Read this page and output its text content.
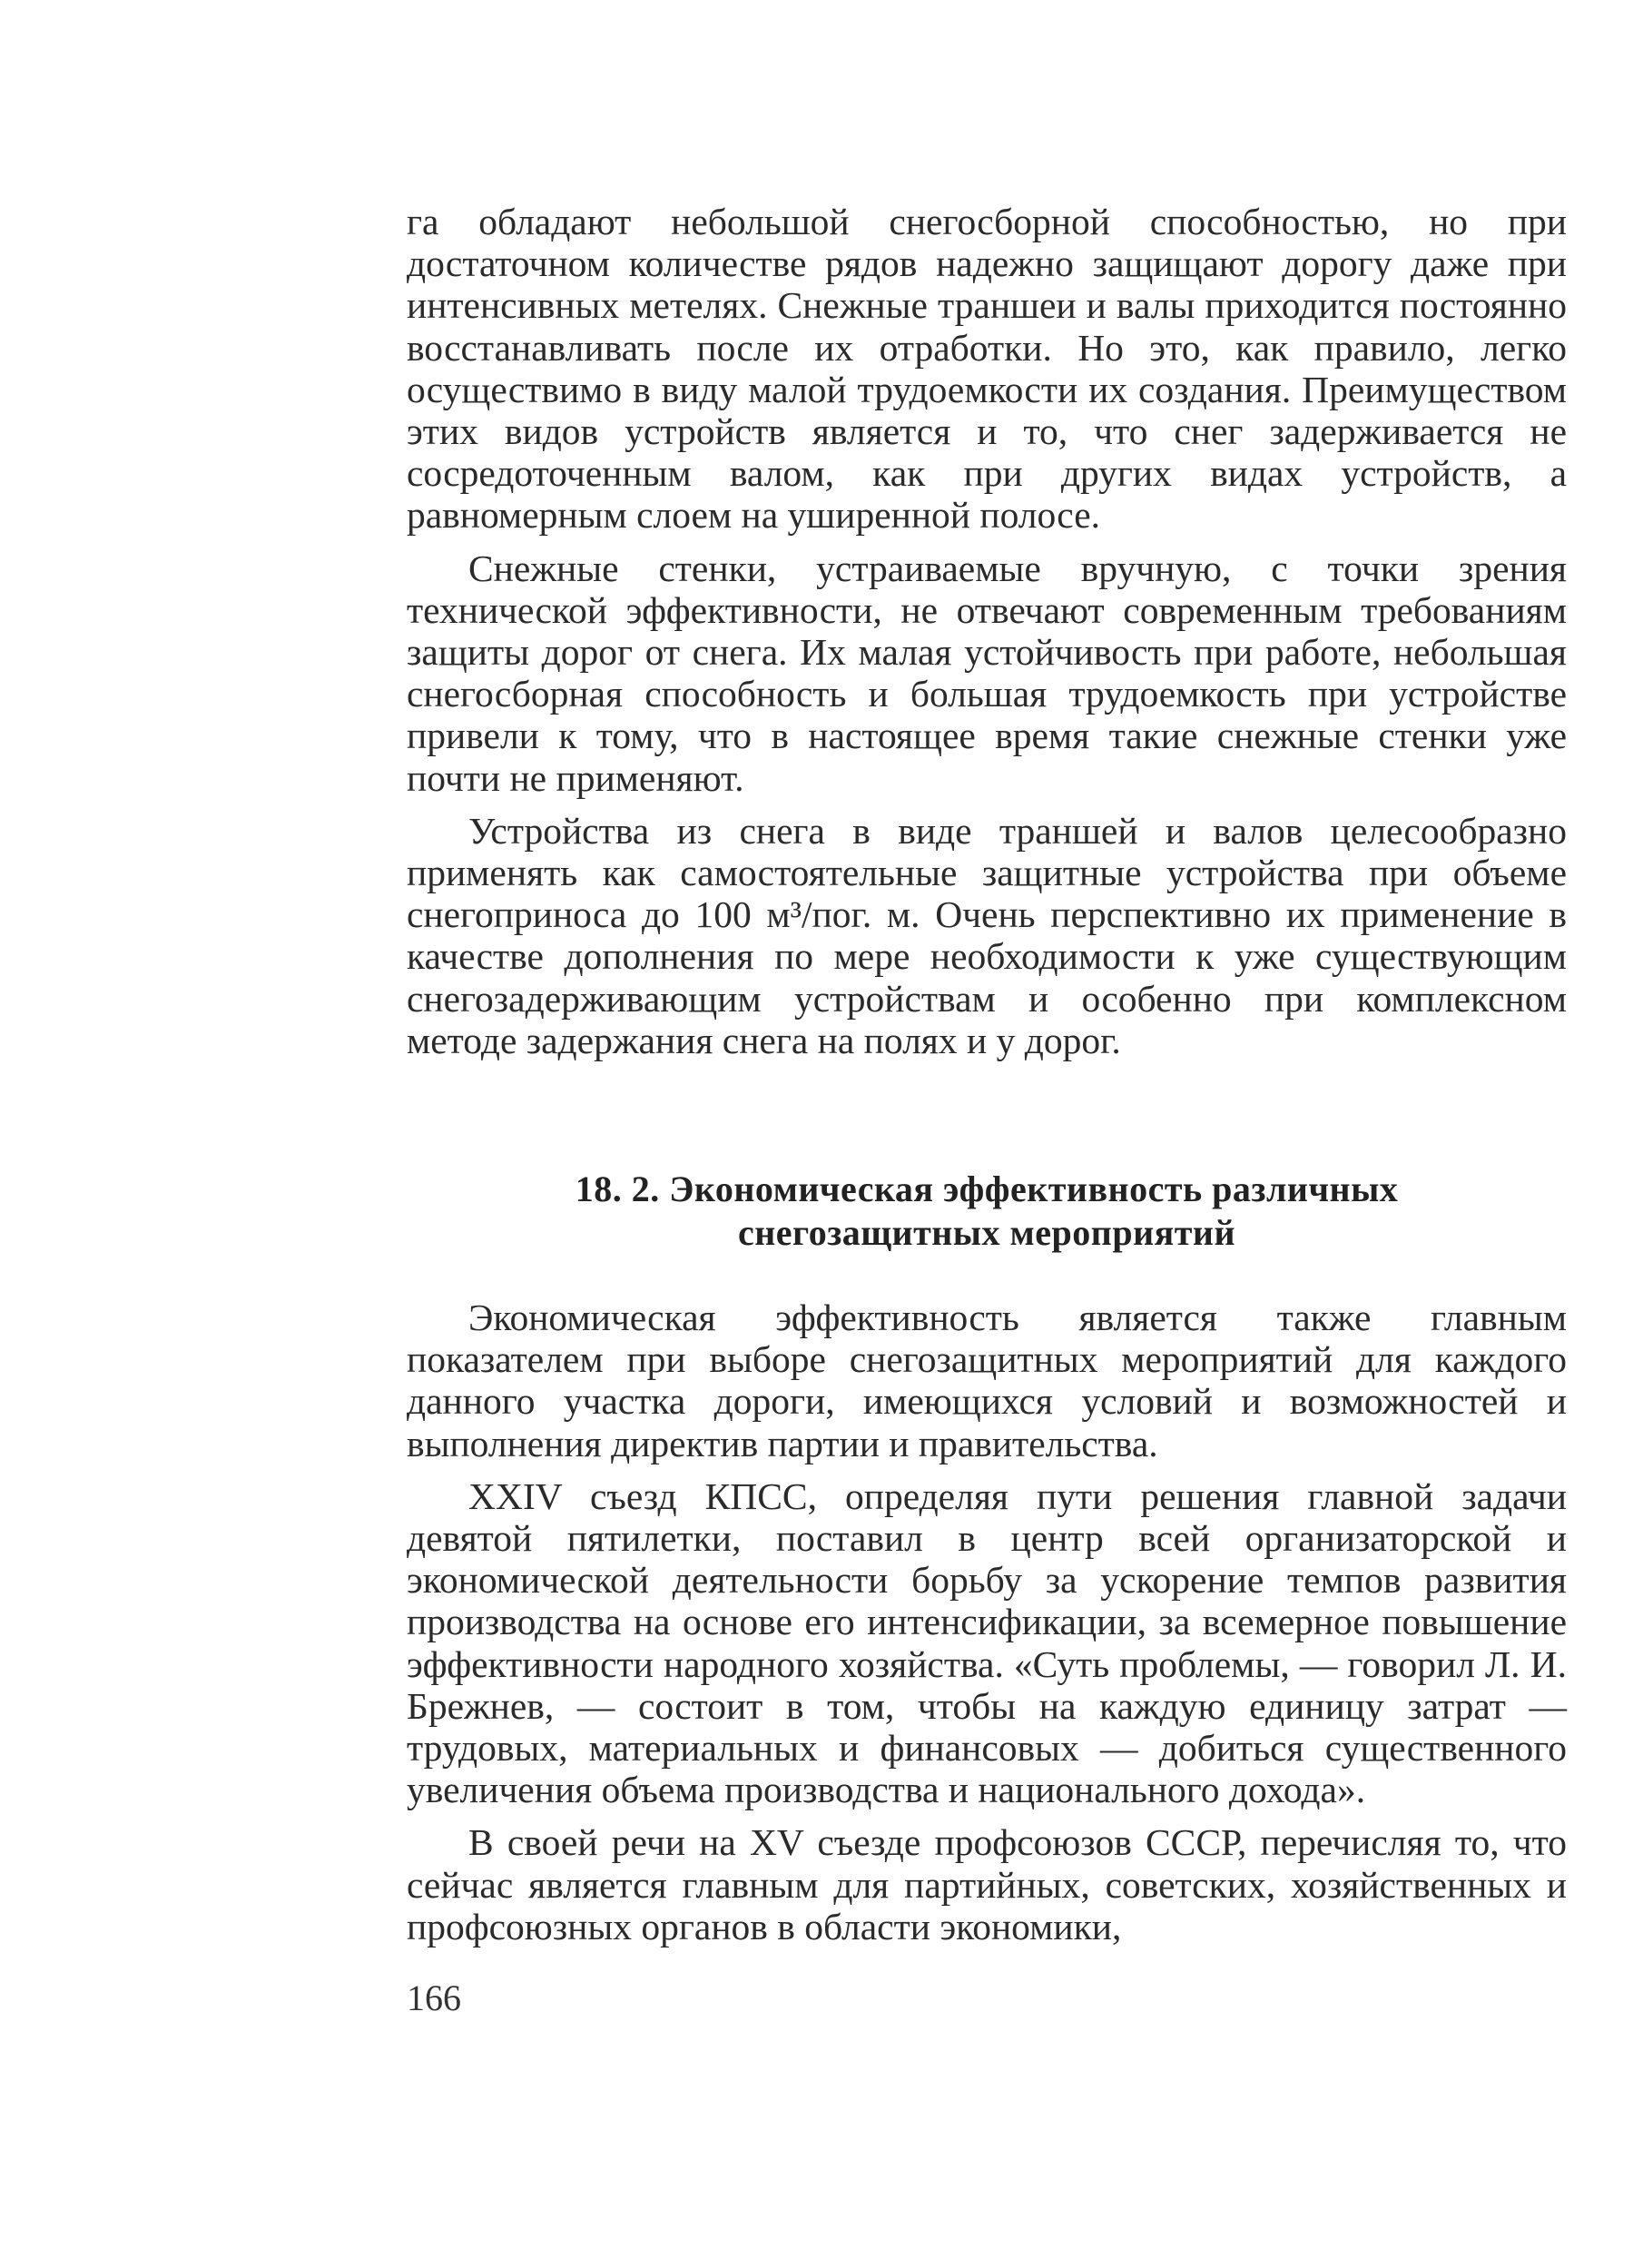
га обладают небольшой снегосборной способностью, но при достаточном количестве рядов надежно защищают дорогу даже при интенсивных метелях. Снежные траншеи и валы приходится постоянно восстанавливать после их отработки. Но это, как правило, легко осуществимо в виду малой трудоемкости их создания. Преимуществом этих видов устройств является и то, что снег задерживается не сосредоточенным валом, как при других видах устройств, а равномерным слоем на уширенной полосе.

Снежные стенки, устраиваемые вручную, с точки зрения технической эффективности, не отвечают современным требованиям защиты дорог от снега. Их малая устойчивость при работе, небольшая снегосборная способность и большая трудоемкость при устройстве привели к тому, что в настоящее время такие снежные стенки уже почти не применяют.

Устройства из снега в виде траншей и валов целесообразно применять как самостоятельные защитные устройства при объеме снегоприноса до 100 м³/пог. м. Очень перспективно их применение в качестве дополнения по мере необходимости к уже существующим снегозадерживающим устройствам и особенно при комплексном методе задержания снега на полях и у дорог.

18. 2. Экономическая эффективность различных
снегозащитных мероприятий

Экономическая эффективность является также главным показателем при выборе снегозащитных мероприятий для каждого данного участка дороги, имеющихся условий и возможностей и выполнения директив партии и правительства.

XXIV съезд КПСС, определяя пути решения главной задачи девятой пятилетки, поставил в центр всей организаторской и экономической деятельности борьбу за ускорение темпов развития производства на основе его интенсификации, за всемерное повышение эффективности народного хозяйства. «Суть проблемы, — говорил Л. И. Брежнев, — состоит в том, чтобы на каждую единицу затрат — трудовых, материальных и финансовых — добиться существенного увеличения объема производства и национального дохода».

В своей речи на XV съезде профсоюзов СССР, перечисляя то, что сейчас является главным для партийных, советских, хозяйственных и профсоюзных органов в области экономики,

166
